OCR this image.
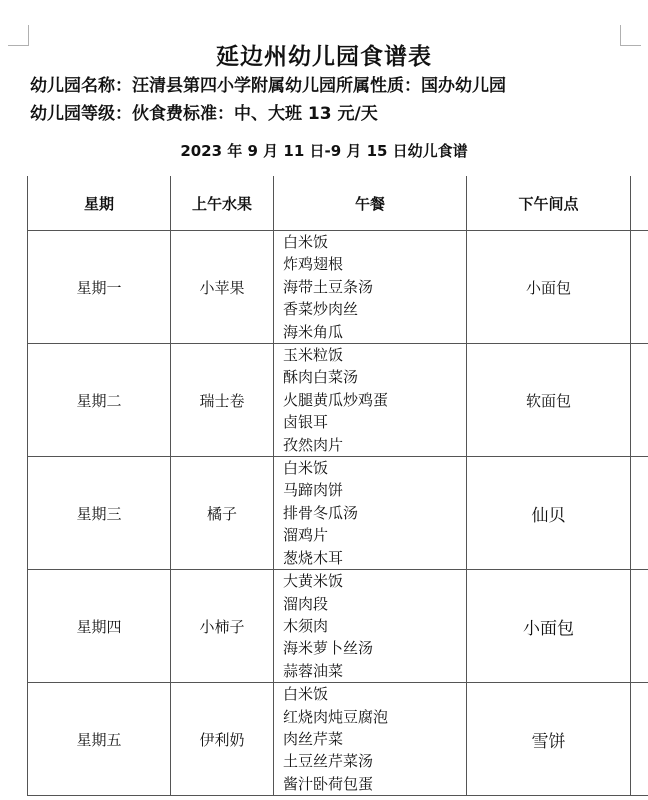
延边州幼儿园食谱表
幼儿园名称：汪清县第四小学附属幼儿园所属性质：国办幼儿园
幼儿园等级：伙食费标准：中、大班 13 元/天
2023 年 9 月 11 日-9 月 15 日幼儿食谱
星期	上午水果	午餐	下午间点	
星期一	小苹果	白米饭
炸鸡翅根
海带土豆条汤
香菜炒肉丝
海米角瓜	小面包	
星期二	瑞士卷	玉米粒饭
酥肉白菜汤
火腿黄瓜炒鸡蛋
卤银耳
孜然肉片	软面包	
星期三	橘子	白米饭
马蹄肉饼
排骨冬瓜汤
溜鸡片
葱烧木耳	仙贝	
星期四	小柿子	大黄米饭
溜肉段
木须肉
海米萝卜丝汤
蒜蓉油菜	小面包	
星期五	伊利奶	白米饭
红烧肉炖豆腐泡
肉丝芹菜
土豆丝芹菜汤
酱汁卧荷包蛋	雪饼	
